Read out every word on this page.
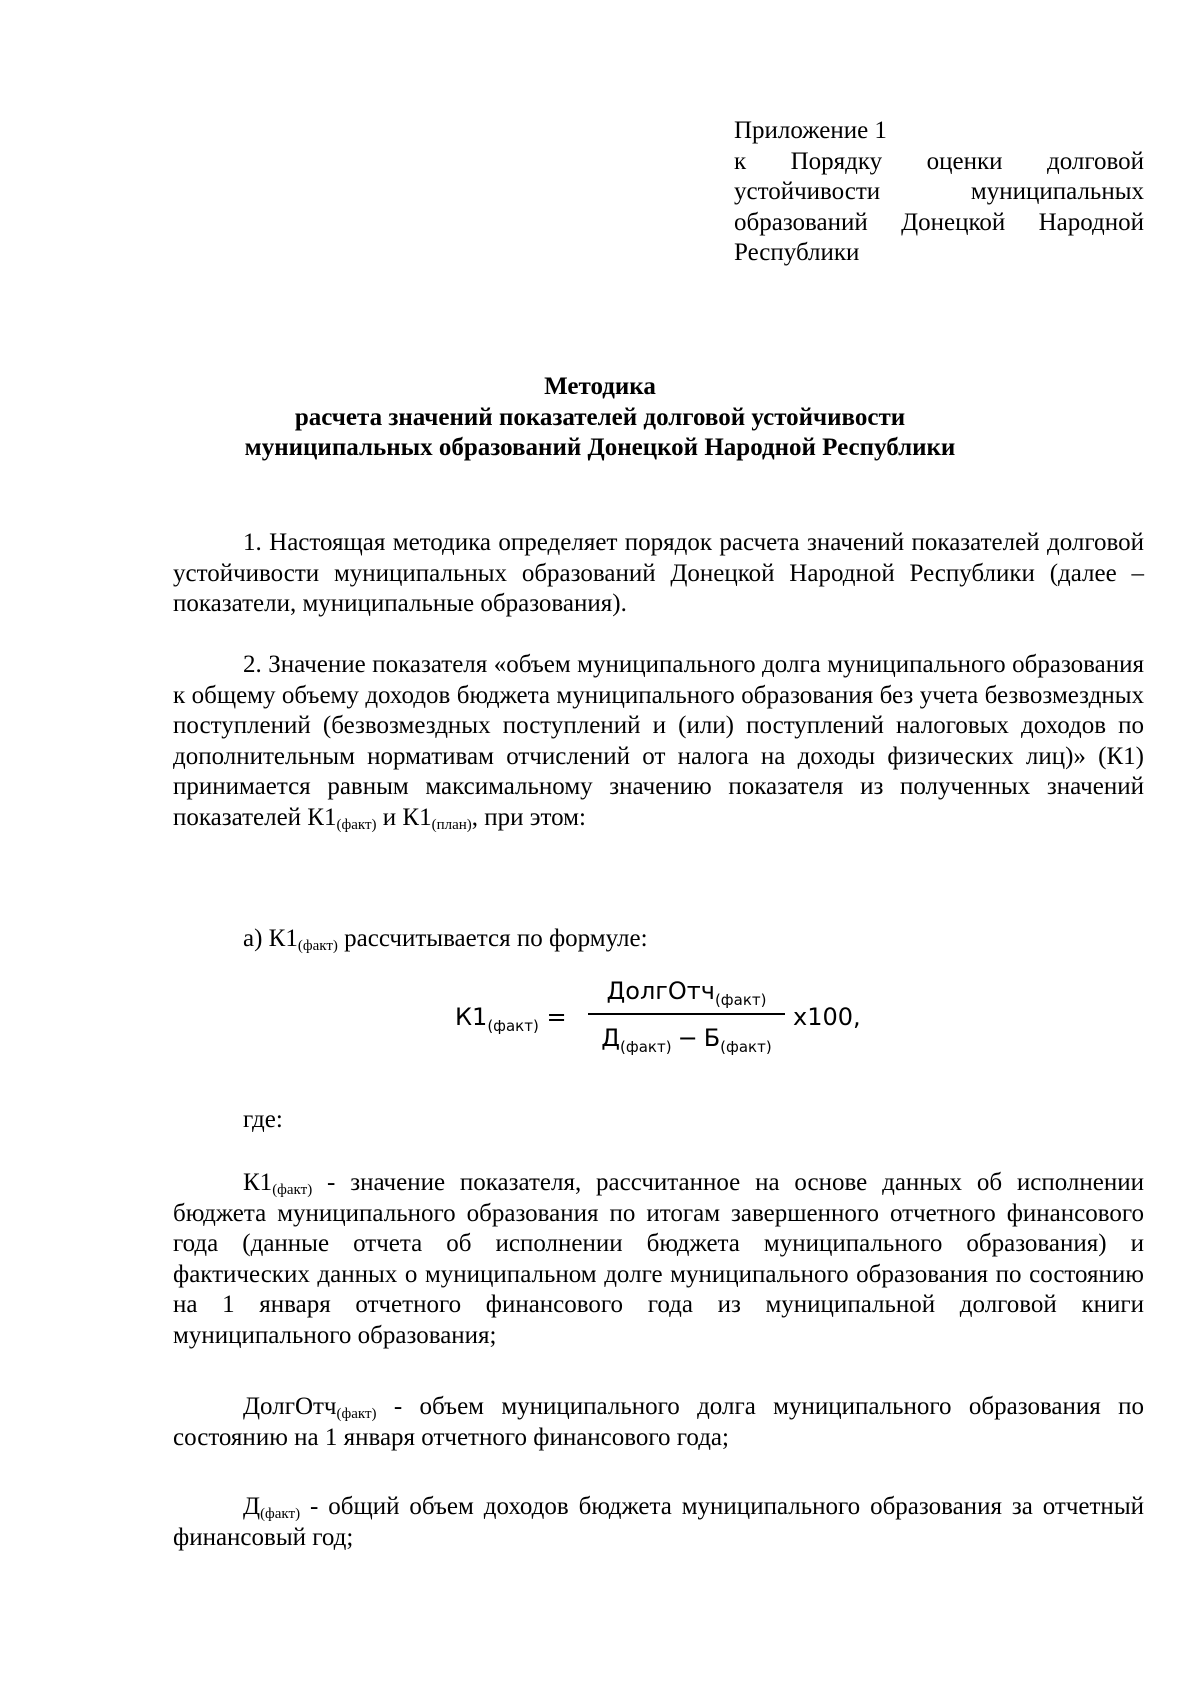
Приложение 1
к Порядку оценки долговой
устойчивости муниципальных
образований Донецкой Народной
Республики
Методика
расчета значений показателей долговой устойчивости
муниципальных образований Донецкой Народной Республики

1. Настоящая методика определяет порядок расчета значений показателей долговой устойчивости муниципальных образований Донецкой Народной Республики (далее – показатели, муниципальные образования).

2. Значение показателя «объем муниципального долга муниципального образования к общему объему доходов бюджета муниципального образования без учета безвозмездных поступлений (безвозмездных поступлений и (или) поступлений налоговых доходов по дополнительным нормативам отчислений от налога на доходы физических лиц)» (К1) принимается равным максимальному значению показателя из полученных значений показателей $К1_{(факт)}$ и $К1_{(план)}$, при этом:

а) $К1_{(факт)}$ рассчитывается по формуле:

$К1_{(факт)}$ =
ДолгОтч$_{(факт)}$
$Д_{(факт)} - Б_{(факт)}$
x100,

где:

$К1_{(факт)}$ - значение показателя, рассчитанное на основе данных об исполнении бюджета муниципального образования по итогам завершенного отчетного финансового года (данные отчета об исполнении бюджета муниципального образования) и фактических данных о муниципальном долге муниципального образования по состоянию на 1 января отчетного финансового года из муниципальной долговой книги муниципального образования;

ДолгОтч$_{(факт)}$ - объем муниципального долга муниципального образования по состоянию на 1 января отчетного финансового года;

$Д_{(факт)}$ - общий объем доходов бюджета муниципального образования за отчетный финансовый год;
